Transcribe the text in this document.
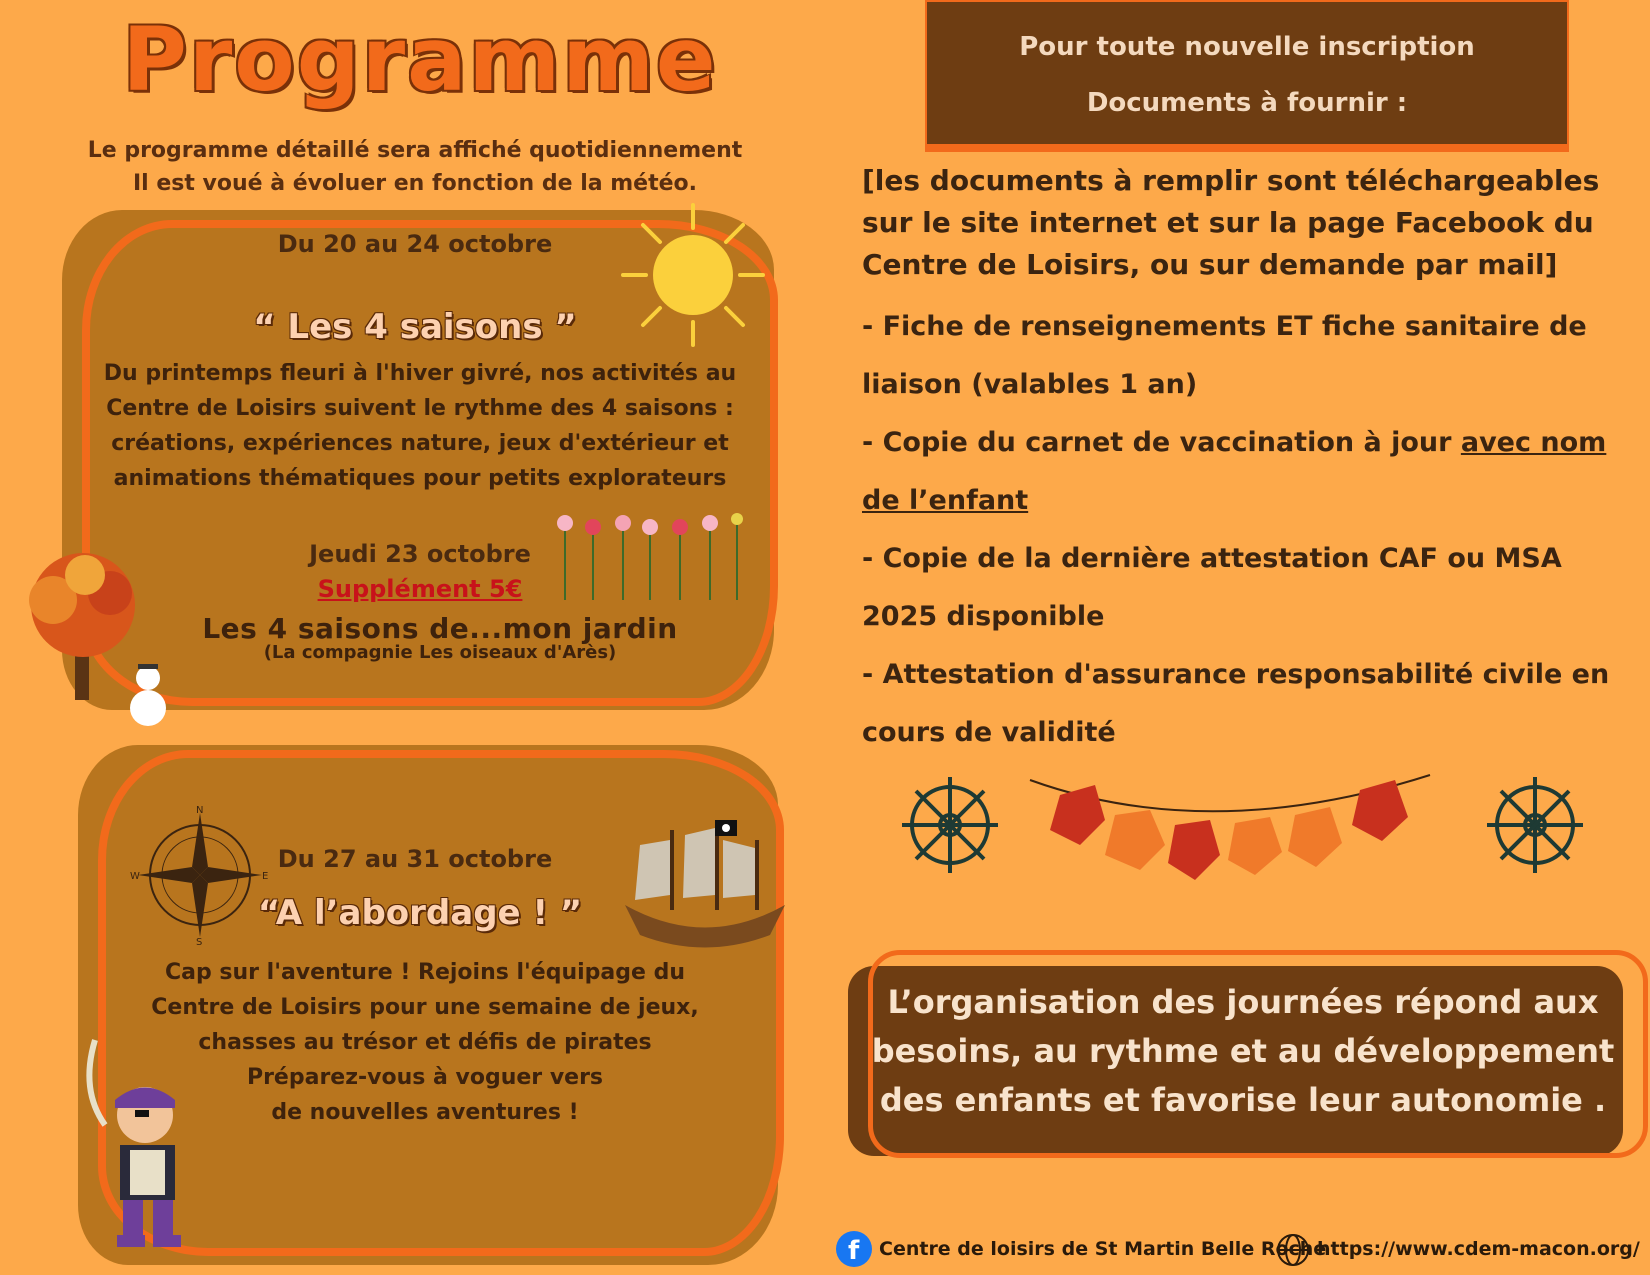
Programme
Le programme détaillé sera affiché quotidiennement
Il est voué à évoluer en fonction de la météo.
Du 20 au 24 octobre
“ Les 4 saisons ”
Du printemps fleuri à l'hiver givré, nos activités au
Centre de Loisirs suivent le rythme des 4 saisons :
créations, expériences nature, jeux d'extérieur et
animations thématiques pour petits explorateurs
Jeudi 23 octobre
Supplément 5€
Les 4 saisons de...mon jardin
(La compagnie Les oiseaux d'Arès)
N
S
W	E
Du 27 au 31 octobre
“A l’abordage ! ”
Cap sur l'aventure ! Rejoins l'équipage du
Centre de Loisirs pour une semaine de jeux,
chasses au trésor et défis de pirates
Préparez-vous à voguer vers
de nouvelles aventures !
Pour toute nouvelle inscription
Documents à fournir :
[les documents à remplir sont téléchargeables sur le site internet et sur la page Facebook du Centre de Loisirs, ou sur demande par mail]
- Fiche de renseignements ET fiche sanitaire de liaison (valables 1 an)
- Copie du carnet de vaccination à jour avec nom de l’enfant
- Copie de la dernière attestation CAF ou MSA 2025 disponible
- Attestation d'assurance responsabilité civile en cours de validité
L’organisation des journées répond aux besoins, au rythme et au développement des enfants et favorise leur autonomie .
f Centre de loisirs de St Martin Belle Roche
https://www.cdem-macon.org/
